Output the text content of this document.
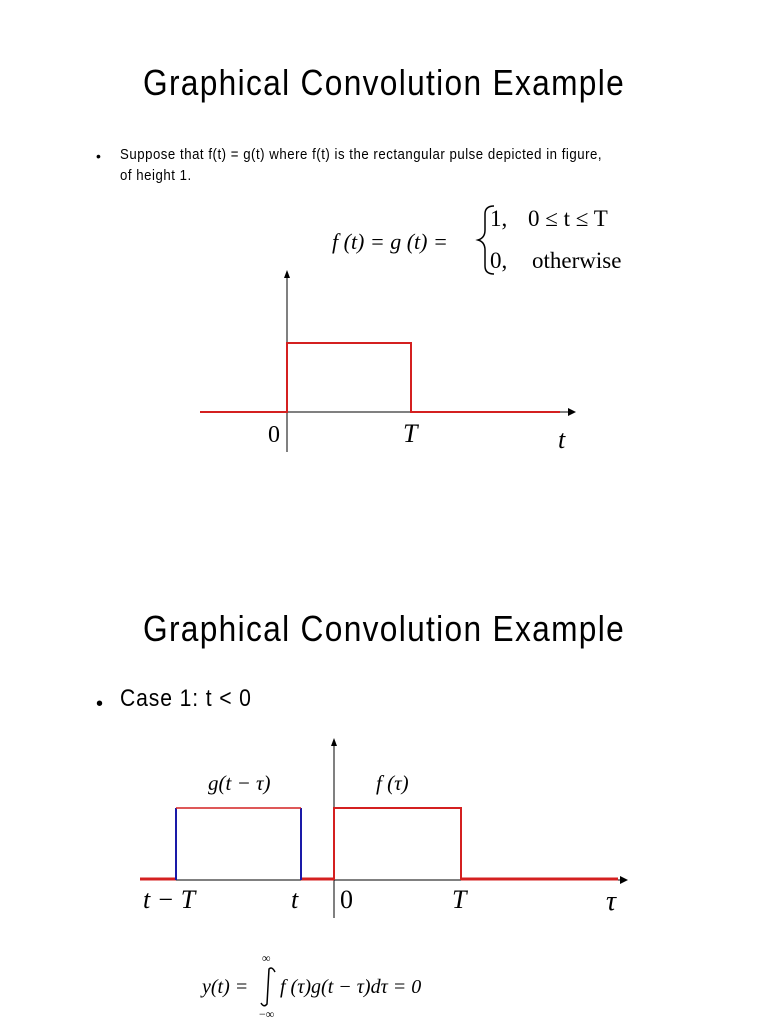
Graphical Convolution Example
• Suppose that f(t) = g(t) where f(t) is the rectangular pulse depicted in figure, of height 1.
f (t) = g (t) =
1, 0 ≤ t ≤ T
0, otherwise
0	T	t
g(t − τ)	f (τ)
t − T	t 0	T	τ
y(t) =
∞
−∞
f (τ)g(t − τ)dτ = 0
Graphical Convolution Example
• Case 1: t < 0
